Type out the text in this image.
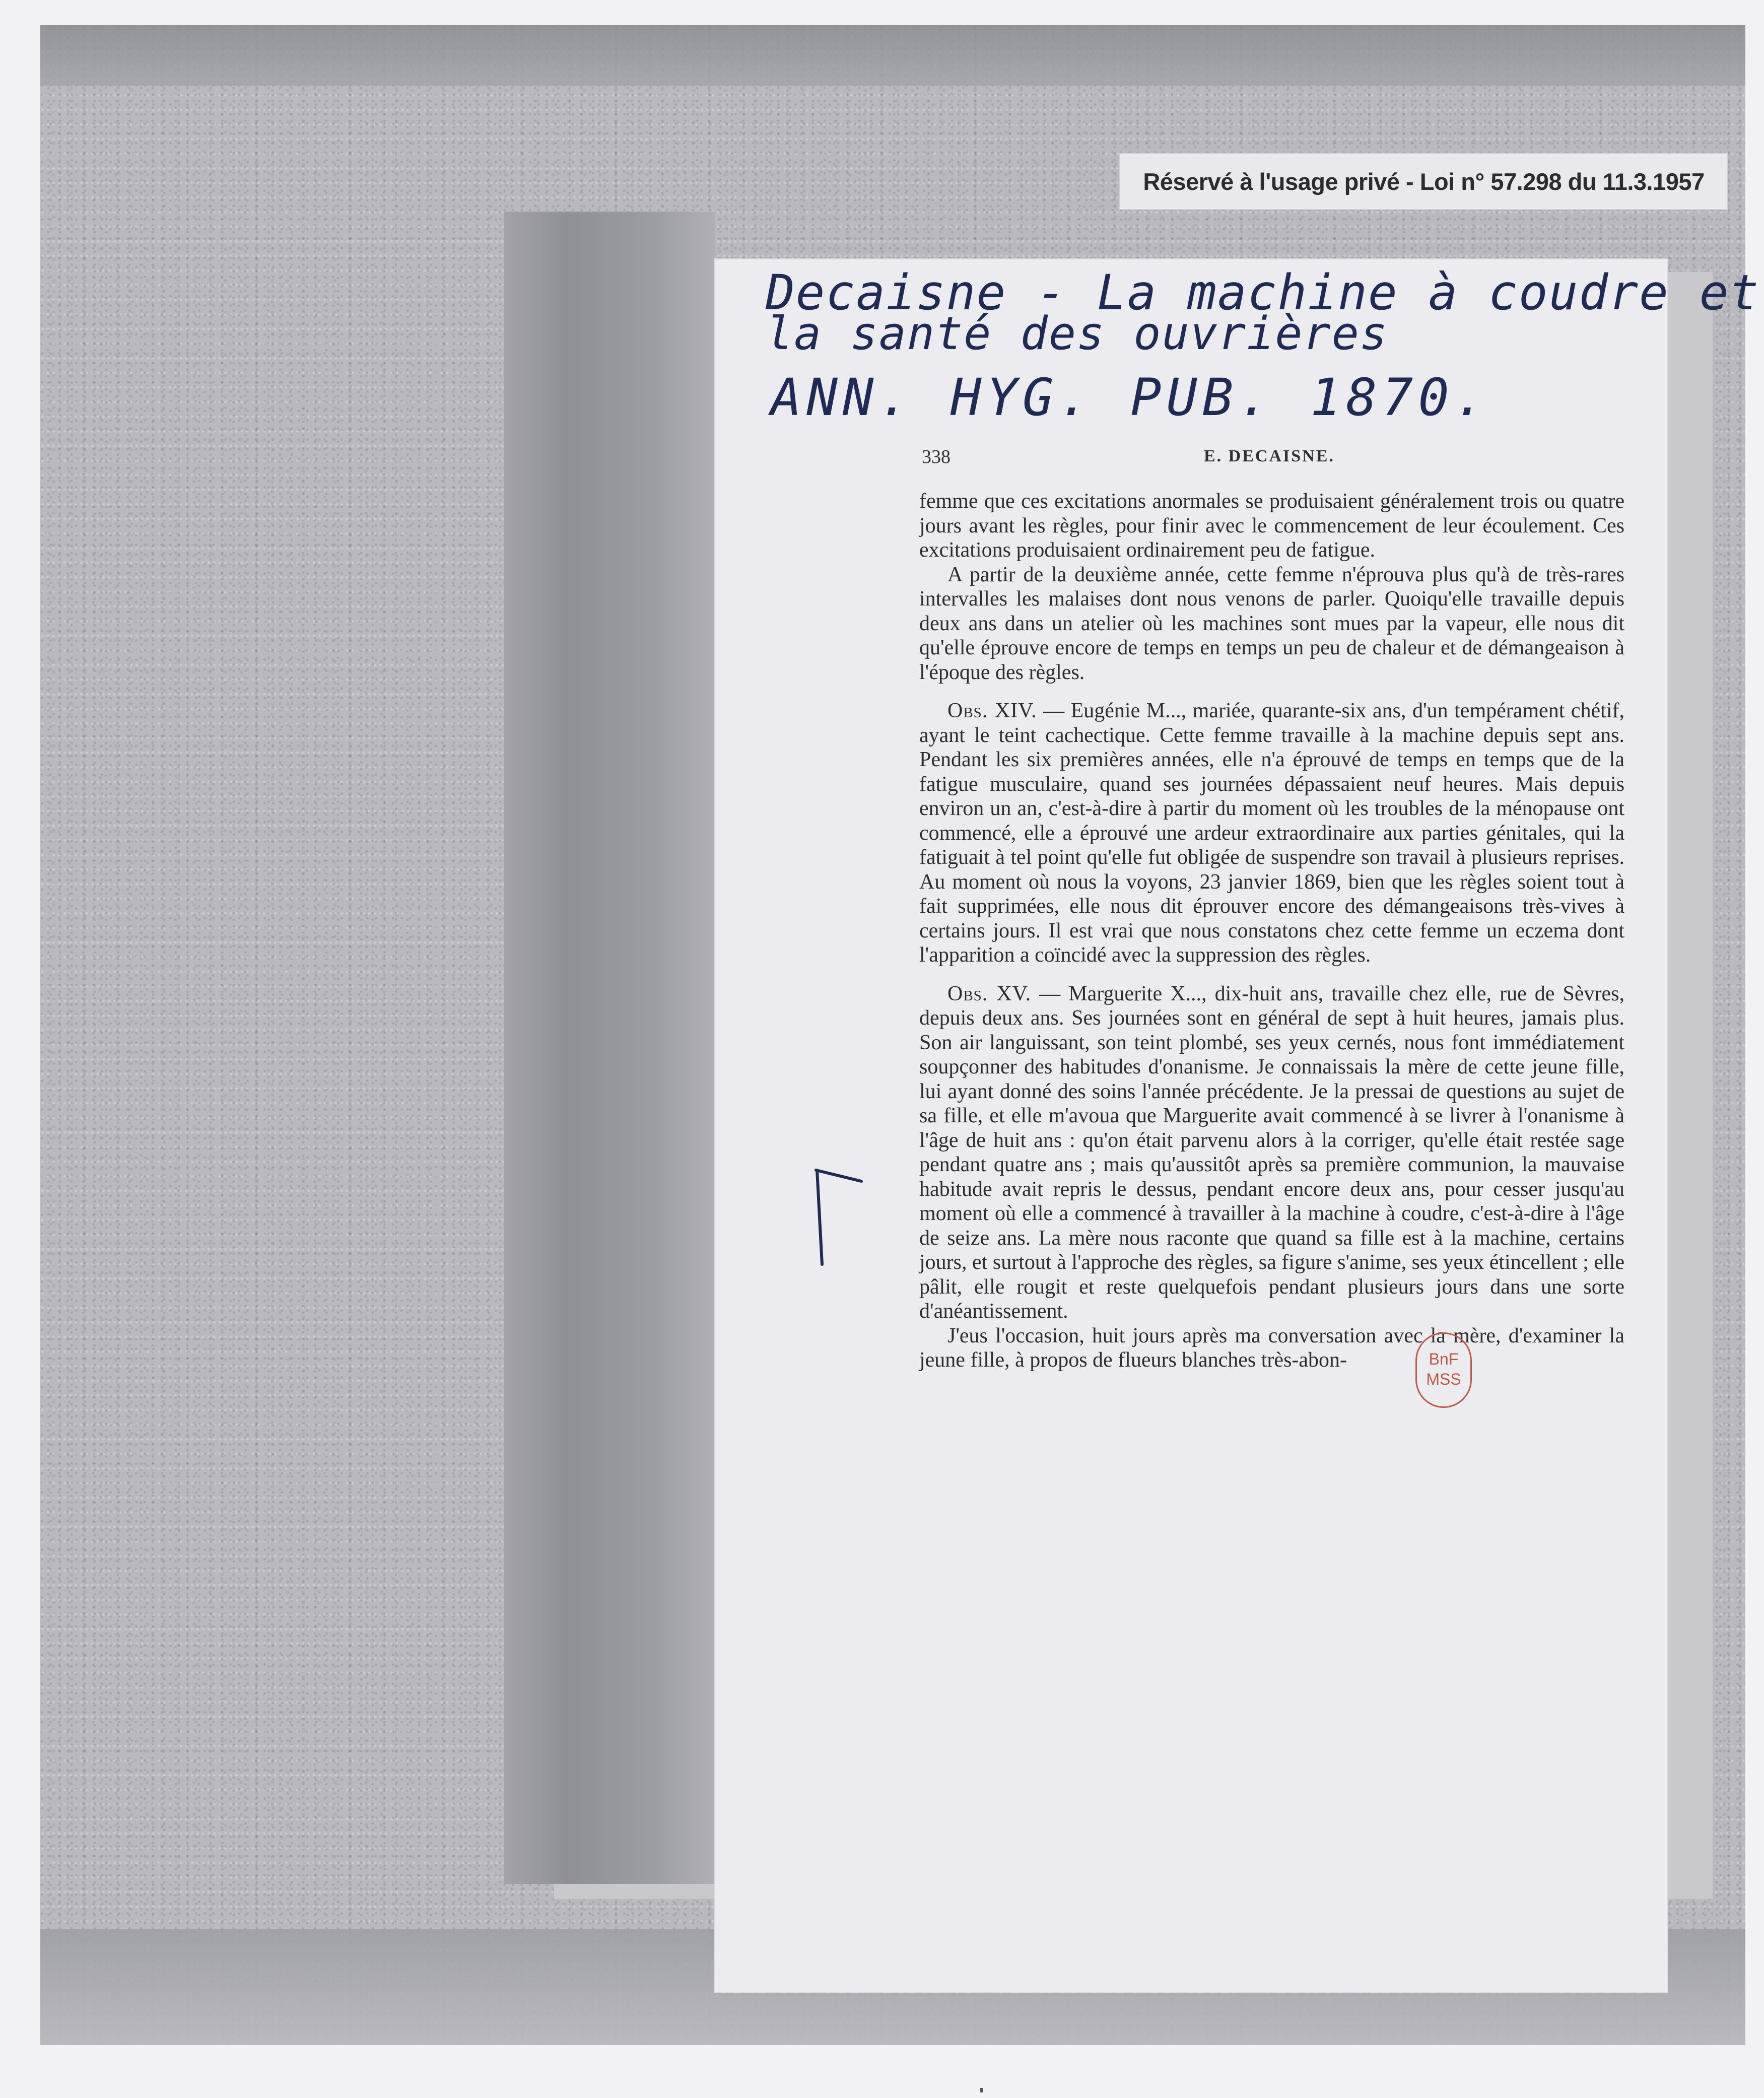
Réservé à l'usage privé - Loi n° 57.298 du 11.3.1957
Decaisne - La machine à coudre et
la santé des ouvrières
ANN. HYG. PUB. 1870.
338	E. DECAISNE.

femme que ces excitations anormales se produisaient généralement trois ou quatre jours avant les règles, pour finir avec le commencement de leur écoulement. Ces excitations produisaient ordinairement peu de fatigue.

A partir de la deuxième année, cette femme n'éprouva plus qu'à de très-rares intervalles les malaises dont nous venons de parler. Quoiqu'elle travaille depuis deux ans dans un atelier où les machines sont mues par la vapeur, elle nous dit qu'elle éprouve encore de temps en temps un peu de chaleur et de démangeaison à l'époque des règles.

Obs. XIV. — Eugénie M..., mariée, quarante-six ans, d'un tempérament chétif, ayant le teint cachectique. Cette femme travaille à la machine depuis sept ans. Pendant les six premières années, elle n'a éprouvé de temps en temps que de la fatigue musculaire, quand ses journées dépassaient neuf heures. Mais depuis environ un an, c'est-à-dire à partir du moment où les troubles de la ménopause ont commencé, elle a éprouvé une ardeur extraordinaire aux parties génitales, qui la fatiguait à tel point qu'elle fut obligée de suspendre son travail à plusieurs reprises. Au moment où nous la voyons, 23 janvier 1869, bien que les règles soient tout à fait supprimées, elle nous dit éprouver encore des démangeaisons très-vives à certains jours. Il est vrai que nous constatons chez cette femme un eczema dont l'apparition a coïncidé avec la suppression des règles.

Obs. XV. — Marguerite X..., dix-huit ans, travaille chez elle, rue de Sèvres, depuis deux ans. Ses journées sont en général de sept à huit heures, jamais plus. Son air languissant, son teint plombé, ses yeux cernés, nous font immédiatement soupçonner des habitudes d'onanisme. Je connaissais la mère de cette jeune fille, lui ayant donné des soins l'année précédente. Je la pressai de questions au sujet de sa fille, et elle m'avoua que Marguerite avait commencé à se livrer à l'onanisme à l'âge de huit ans : qu'on était parvenu alors à la corriger, qu'elle était restée sage pendant quatre ans ; mais qu'aussitôt après sa première communion, la mauvaise habitude avait repris le dessus, pendant encore deux ans, pour cesser jusqu'au moment où elle a commencé à travailler à la machine à coudre, c'est-à-dire à l'âge de seize ans. La mère nous raconte que quand sa fille est à la machine, certains jours, et surtout à l'approche des règles, sa figure s'anime, ses yeux étincellent ; elle pâlit, elle rougit et reste quelquefois pendant plusieurs jours dans une sorte d'anéantissement.

J'eus l'occasion, huit jours après ma conversation avec la mère, d'examiner la jeune fille, à propos de flueurs blanches très-abon-	BnF
MSS
